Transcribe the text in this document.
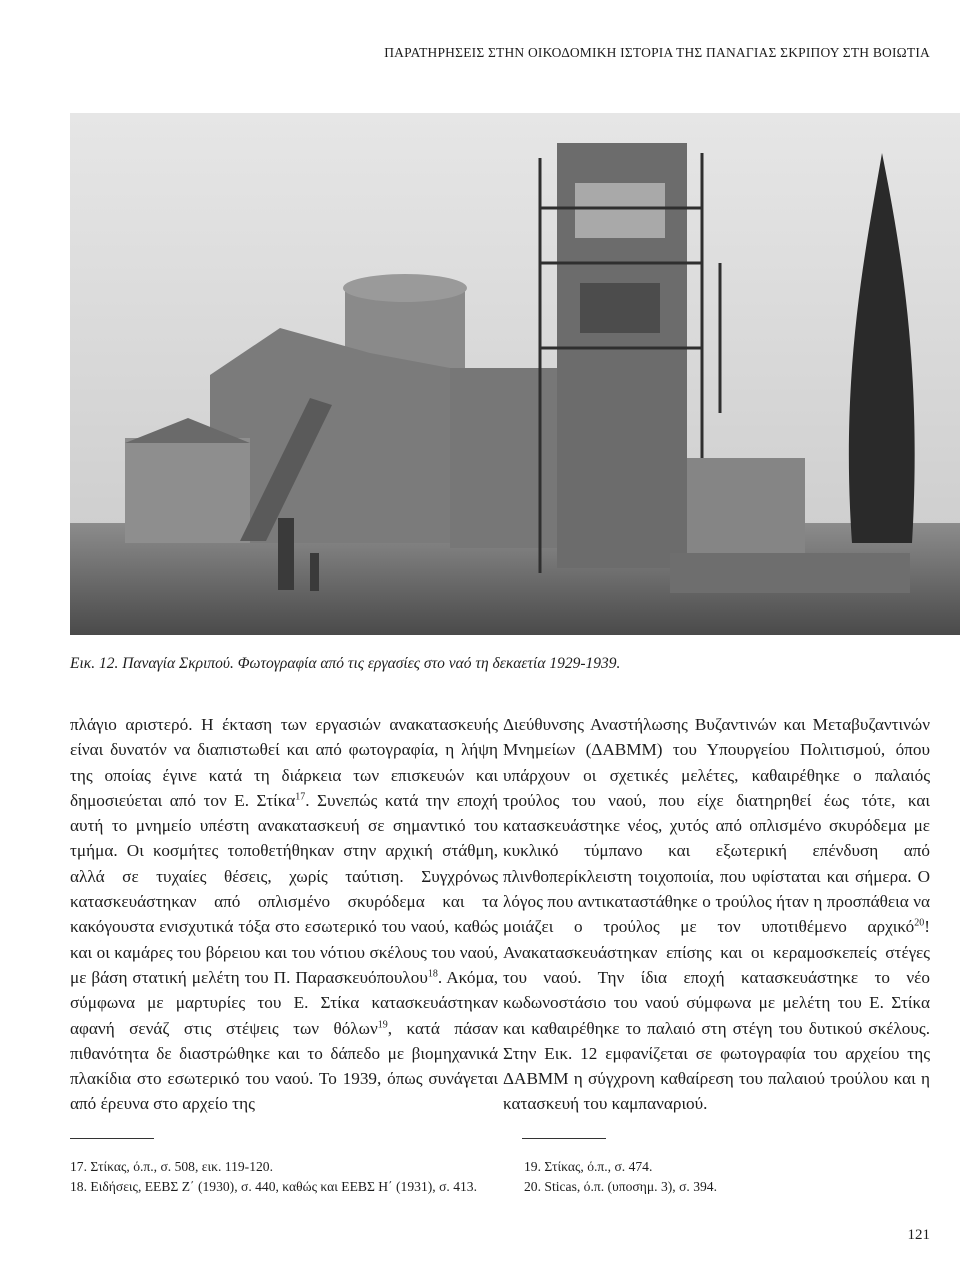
ΠΑΡΑΤΗΡΗΣΕΙΣ ΣΤΗΝ ΟΙΚΟΔΟΜΙΚΗ ΙΣΤΟΡΙΑ ΤΗΣ ΠΑΝΑΓΙΑΣ ΣΚΡΙΠΟΥ ΣΤΗ ΒΟΙΩΤΙΑ
Εικ. 12. Παναγία Σκριπού. Φωτογραφία από τις εργασίες στο ναό τη δεκαετία 1929-1939.

πλάγιο αριστερό. Η έκταση των εργασιών ανακατασκευής είναι δυνατόν να διαπιστωθεί και από φωτογραφία, η λήψη της οποίας έγινε κατά τη διάρκεια των επισκευών και δημοσιεύεται από τον Ε. Στίκα$^{17}$. Συνεπώς κατά την εποχή αυτή το μνημείο υπέστη ανακατασκευή σε σημαντικό του τμήμα. Οι κοσμήτες τοποθετήθηκαν στην αρχική στάθμη, αλλά σε τυχαίες θέσεις, χωρίς ταύτιση. Συγχρόνως κατασκευάστηκαν από οπλισμένο σκυρόδεμα και τα κακόγουστα ενισχυτικά τόξα στο εσωτερικό του ναού, καθώς και οι καμάρες του βόρειου και του νότιου σκέλους του ναού, με βάση στατική μελέτη του Π. Παρασκευόπουλου$^{18}$. Ακόμα, σύμφωνα με μαρτυρίες του Ε. Στίκα κατασκευάστηκαν αφανή σενάζ στις στέψεις των θόλων$^{19}$, κατά πάσαν πιθανότητα δε διαστρώθηκε και το δάπεδο με βιομηχανικά πλακίδια στο εσωτερικό του ναού. Το 1939, όπως συνάγεται από έρευνα στο αρχείο της

Διεύθυνσης Αναστήλωσης Βυζαντινών και Μεταβυζαντινών Μνημείων (ΔΑΒΜΜ) του Υπουργείου Πολιτισμού, όπου υπάρχουν οι σχετικές μελέτες, καθαιρέθηκε ο παλαιός τρούλος του ναού, που είχε διατηρηθεί έως τότε, και κατασκευάστηκε νέος, χυτός από οπλισμένο σκυρόδεμα με κυκλικό τύμπανο και εξωτερική επένδυση από πλινθοπερίκλειστη τοιχοποιία, που υφίσταται και σήμερα. Ο λόγος που αντικαταστάθηκε ο τρούλος ήταν η προσπάθεια να μοιάζει ο τρούλος με τον υποτιθέμενο αρχικό$^{20}$! Ανακατασκευάστηκαν επίσης και οι κεραμοσκεπείς στέγες του ναού. Την ίδια εποχή κατασκευάστηκε το νέο κωδωνοστάσιο του ναού σύμφωνα με μελέτη του Ε. Στίκα και καθαιρέθηκε το παλαιό στη στέγη του δυτικού σκέλους. Στην Εικ. 12 εμφανίζεται σε φωτογραφία του αρχείου της ΔΑΒΜΜ η σύγχρονη καθαίρεση του παλαιού τρούλου και η κατασκευή του καμπαναριού.

17. Στίκας, ό.π., σ. 508, εικ. 119-120.
18. Ειδήσεις, ΕΕΒΣ Ζ΄ (1930), σ. 440, καθώς και ΕΕΒΣ Η΄ (1931), σ. 413.
19. Στίκας, ό.π., σ. 474.
20. Sticas, ό.π. (υποσημ. 3), σ. 394.
121
